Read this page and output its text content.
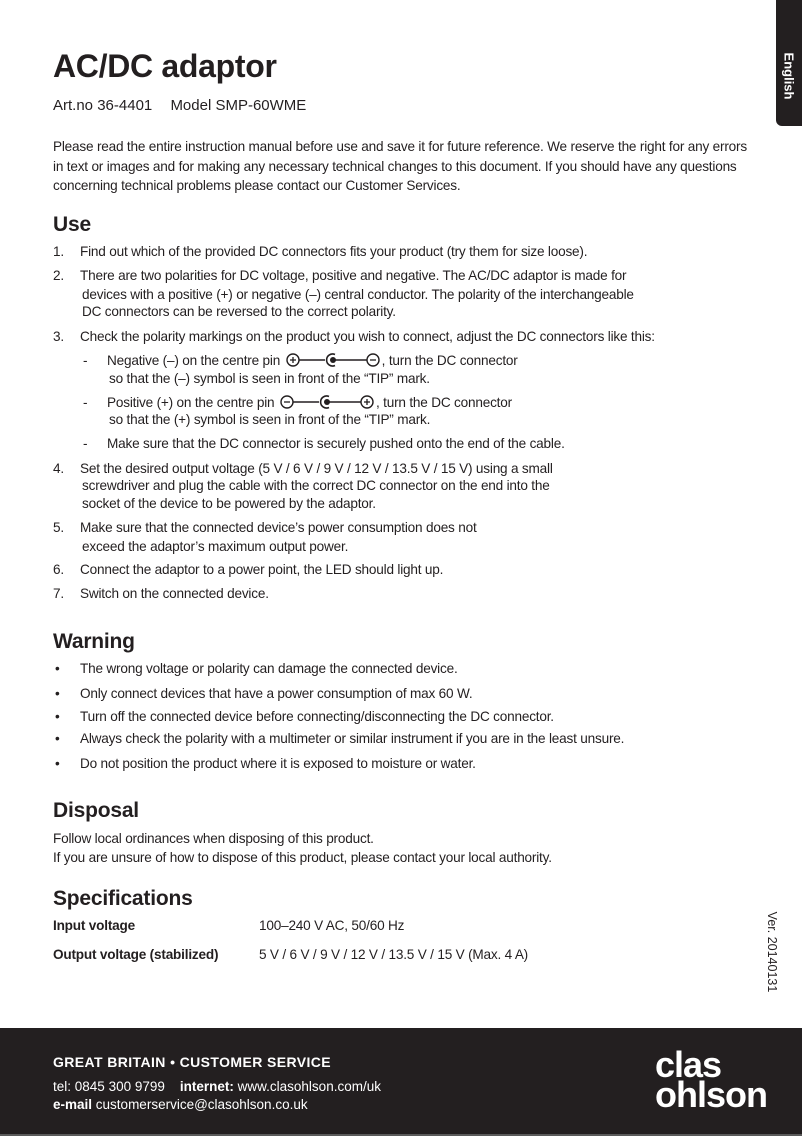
English
AC/DC adaptor
Art.no 36-4401 Model SMP-60WME

Please read the entire instruction manual before use and save it for future reference. We reserve the right for any errors in text or images and for making any necessary technical changes to this document. If you should have any questions concerning technical problems please contact our Customer Services.

Use
1. Find out which of the provided DC connectors fits your product (try them for size loose).
2. There are two polarities for DC voltage, positive and negative. The AC/DC adaptor is made for
devices with a positive (+) or negative (–) central conductor. The polarity of the interchangeable
DC connectors can be reversed to the correct polarity.
3. Check the polarity markings on the product you wish to connect, adjust the DC connectors like this:
- Negative (–) on the centre pin	, turn the DC connector
so that the (–) symbol is seen in front of the “TIP” mark.
- Positive (+) on the centre pin	, turn the DC connector
so that the (+) symbol is seen in front of the “TIP” mark.
- Make sure that the DC connector is securely pushed onto the end of the cable.
4. Set the desired output voltage (5 V / 6 V / 9 V / 12 V / 13.5 V / 15 V) using a small
screwdriver and plug the cable with the correct DC connector on the end into the
socket of the device to be powered by the adaptor.
5. Make sure that the connected device’s power consumption does not
exceed the adaptor’s maximum output power.
6. Connect the adaptor to a power point, the LED should light up.
7. Switch on the connected device.
Warning
• The wrong voltage or polarity can damage the connected device.
• Only connect devices that have a power consumption of max 60 W.
• Turn off the connected device before connecting/disconnecting the DC connector.
• Always check the polarity with a multimeter or similar instrument if you are in the least unsure.
• Do not position the product where it is exposed to moisture or water.
Disposal
Follow local ordinances when disposing of this product.
If you are unsure of how to dispose of this product, please contact your local authority.
Specifications
Input voltage	100–240 V AC, 50/60 Hz
Output voltage (stabilized)	5 V / 6 V / 9 V / 12 V / 13.5 V / 15 V (Max. 4 A)	Ver. 20140131
GREAT BRITAIN • CUSTOMER SERVICE
tel: 0845 300 9799 internet: www.clasohlson.com/uk
e-mail customerservice@clasohlson.co.uk
clas
ohlson
